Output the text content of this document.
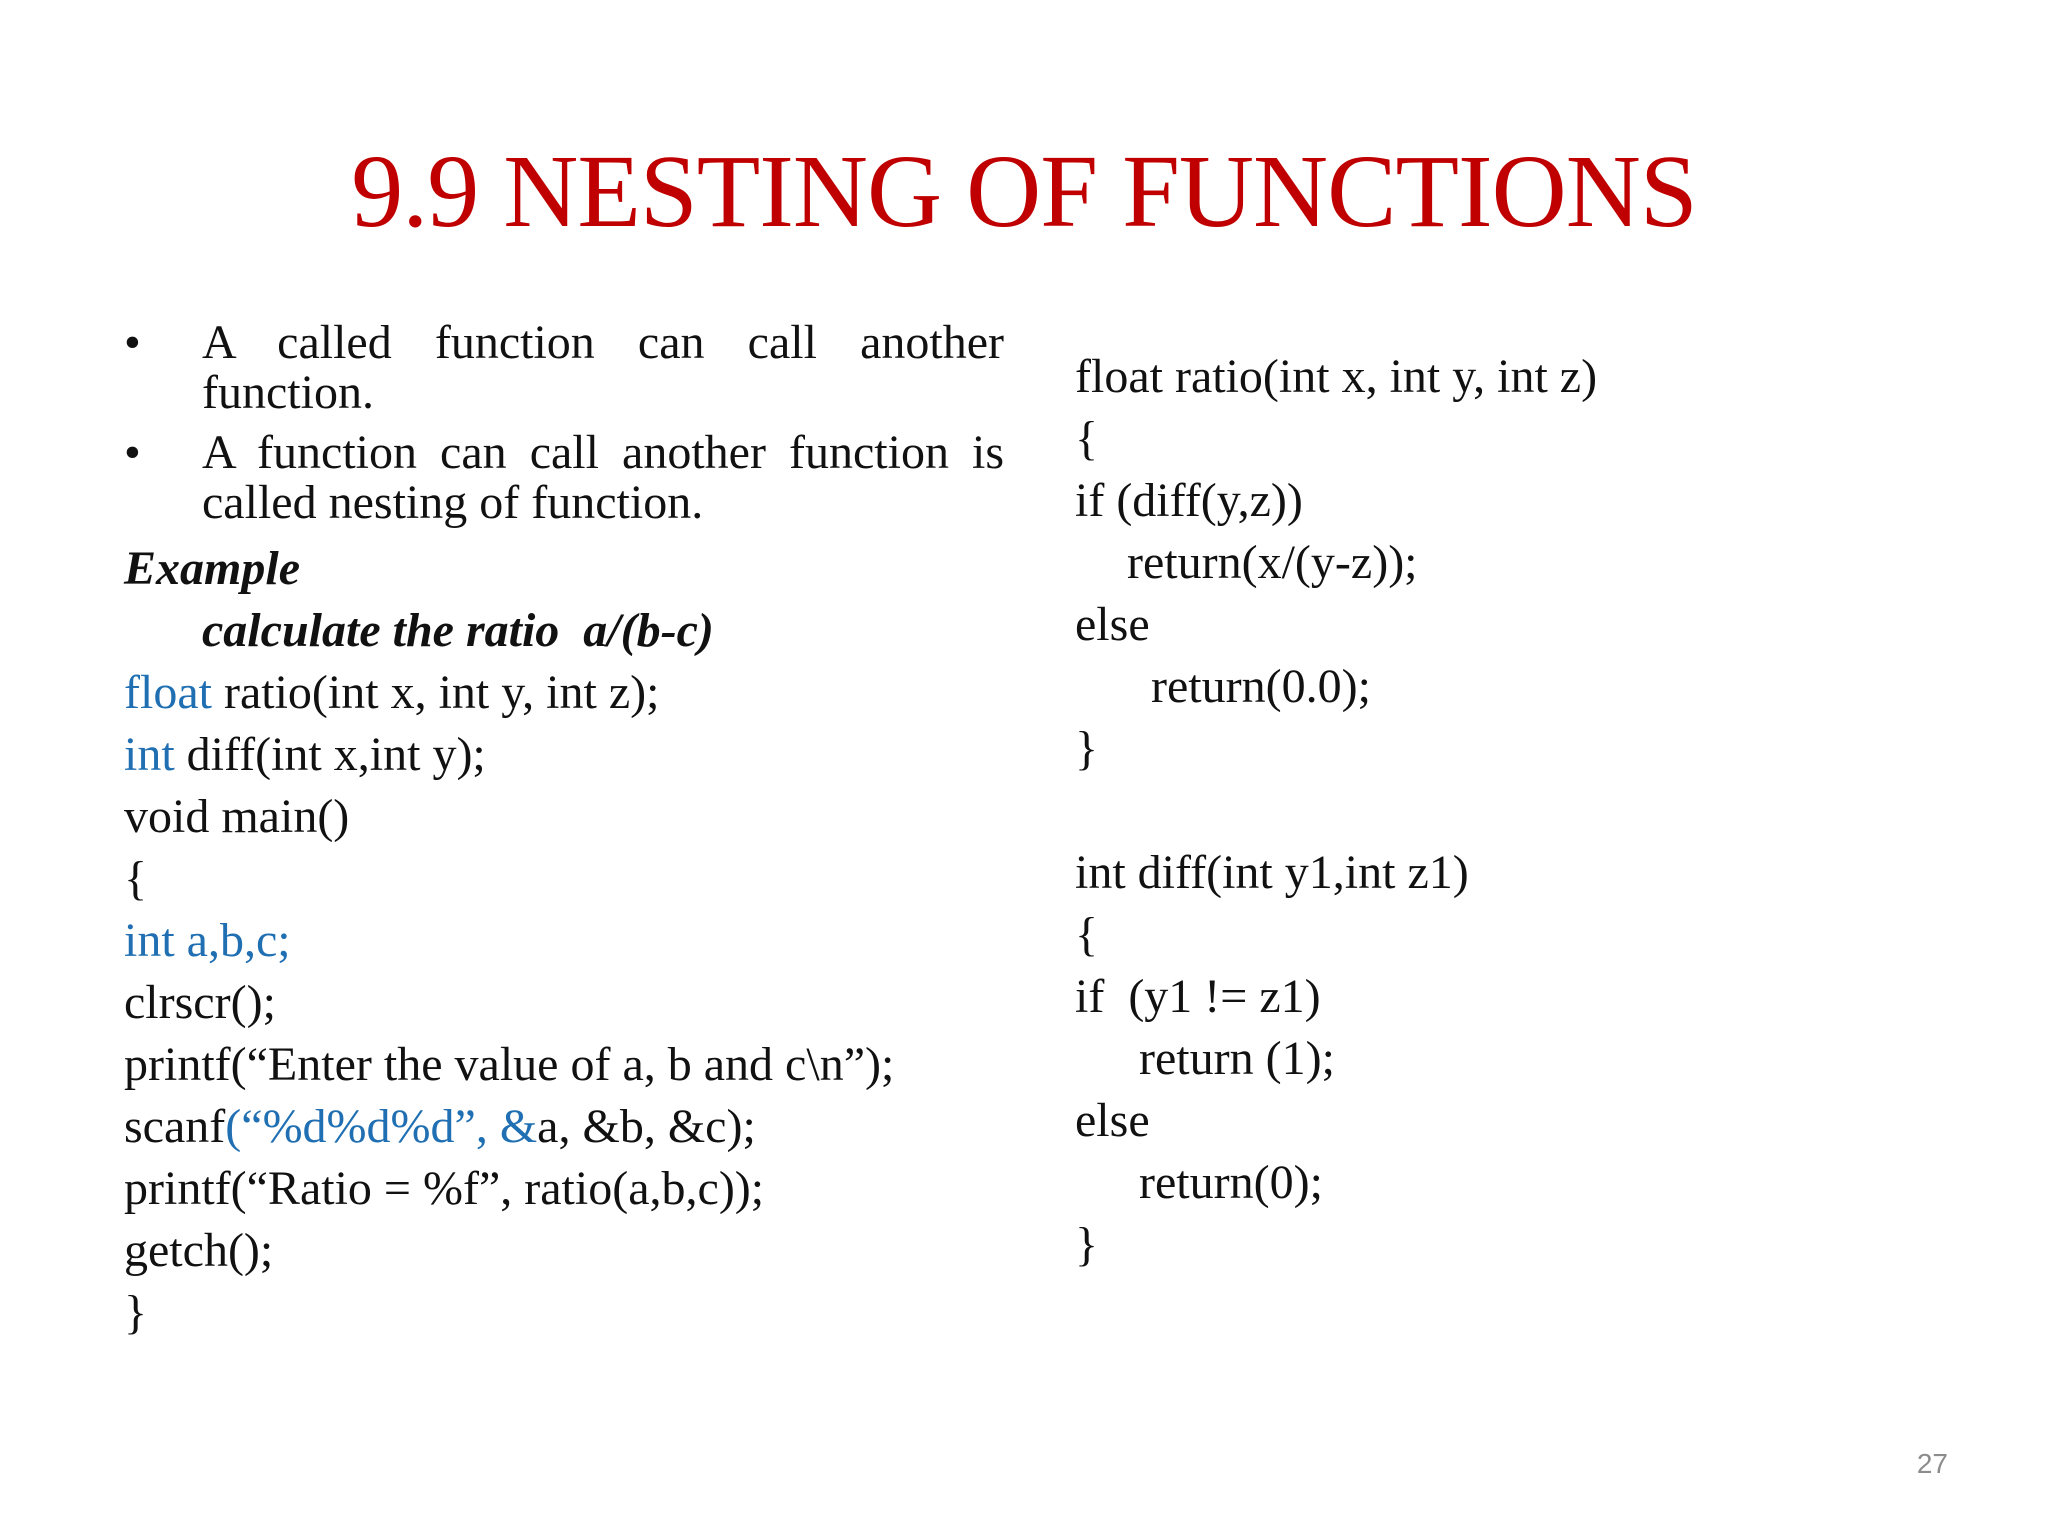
9.9 NESTING OF FUNCTIONS
•	A called function can call another function.
•	A function can call another function is called nesting of function.
Example
calculate the ratio  a/(b-c)
float ratio(int x, int y, int z);
int diff(int x,int y);
void main()
{
int a,b,c;
clrscr();
printf(“Enter the value of a, b and c\n”);
scanf(“%d%d%d”, &a, &b, &c);
printf(“Ratio = %f”, ratio(a,b,c));
getch();
}
float ratio(int x, int y, int z)
{
if (diff(y,z))
return(x/(y-z));
else
return(0.0);
}
int diff(int y1,int z1)
{
if  (y1 != z1)
return (1);
else
return(0);
}
27
